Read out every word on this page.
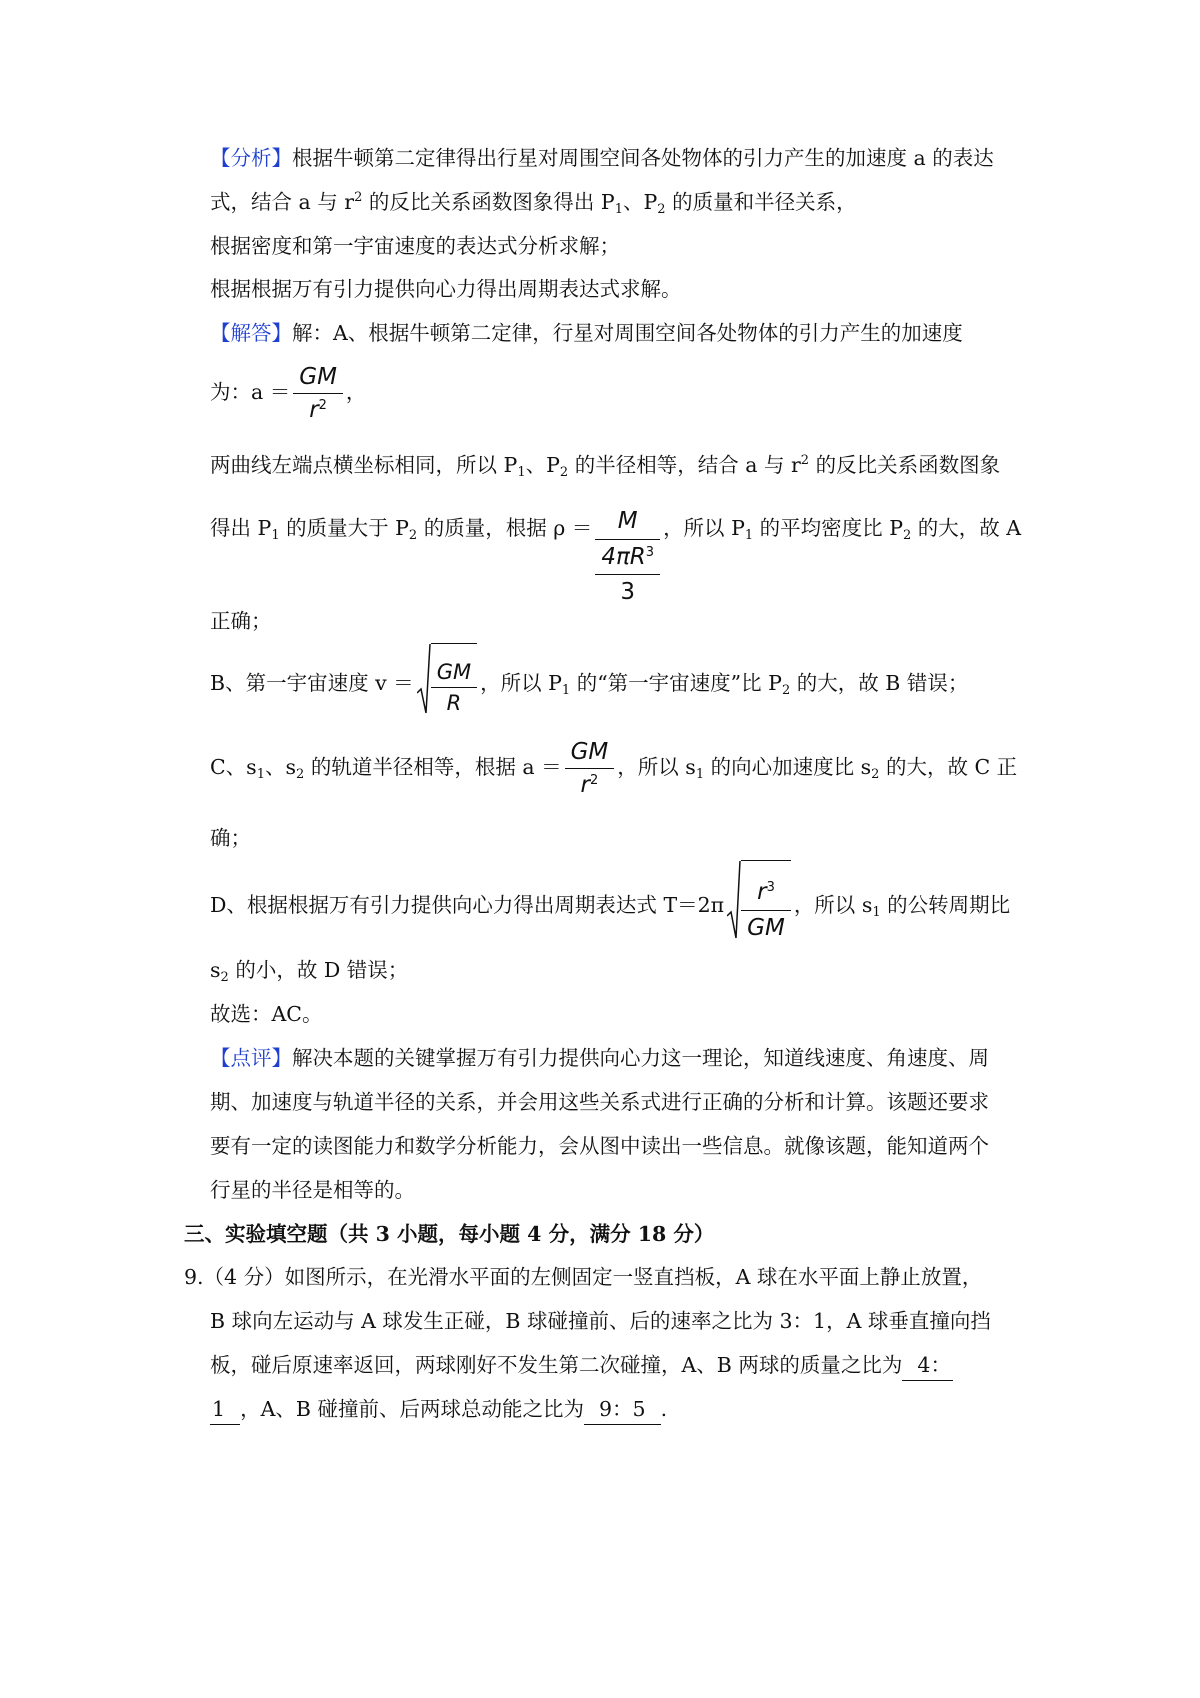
【分析】根据牛顿第二定律得出行星对周围空间各处物体的引力产生的加速度 a 的表达
式，结合 a 与 $r^2$ 的反比关系函数图象得出 $P_1$、$P_2$ 的质量和半径关系，
根据密度和第一宇宙速度的表达式分析求解；
根据根据万有引力提供向心力得出周期表达式求解。
【解答】解：A、根据牛顿第二定律，行星对周围空间各处物体的引力产生的加速度
为：$a = \frac{GM}{r^2}$ ，
两曲线左端点横坐标相同，所以 $P_1$、$P_2$ 的半径相等，结合 a 与 $r^2$ 的反比关系函数图象
得出 $P_1$ 的质量大于 $P_2$ 的质量，根据 $\rho = \frac{M}{\frac{4\pi R^3}{3}}$ ，所以 $P_1$ 的平均密度比 $P_2$ 的大，故 A
正确；
B、第一宇宙速度 $v = \frac{GM}{R}$ ，所以 $P_1$ 的“第一宇宙速度”比 $P_2$ 的大，故 B 错误；
C、$s_1$、$s_2$ 的轨道半径相等，根据 $a = \frac{GM}{r^2}$ ，所以 $s_1$ 的向心加速度比 $s_2$ 的大，故 C 正
确；
D、根据根据万有引力提供向心力得出周期表达式 $T=2\pi \frac{r^3}{GM}$ ，所以 $s_1$ 的公转周期比
$s_2$ 的小，故 D 错误；
故选：AC。
【点评】解决本题的关键掌握万有引力提供向心力这一理论，知道线速度、角速度、周
期、加速度与轨道半径的关系，并会用这些关系式进行正确的分析和计算。该题还要求
要有一定的读图能力和数学分析能力，会从图中读出一些信息。就像该题，能知道两个
行星的半径是相等的。
三、实验填空题（共 3 小题，每小题 4 分，满分 18 分）
9.（4 分）如图所示，在光滑水平面的左侧固定一竖直挡板，A 球在水平面上静止放置，
B 球向左运动与 A 球发生正碰，B 球碰撞前、后的速率之比为 3：1，A 球垂直撞向挡
板，碰后原速率返回，两球刚好不发生第二次碰撞，A、B 两球的质量之比为  4：
1  ，A、B 碰撞前、后两球总动能之比为  9：5  .
